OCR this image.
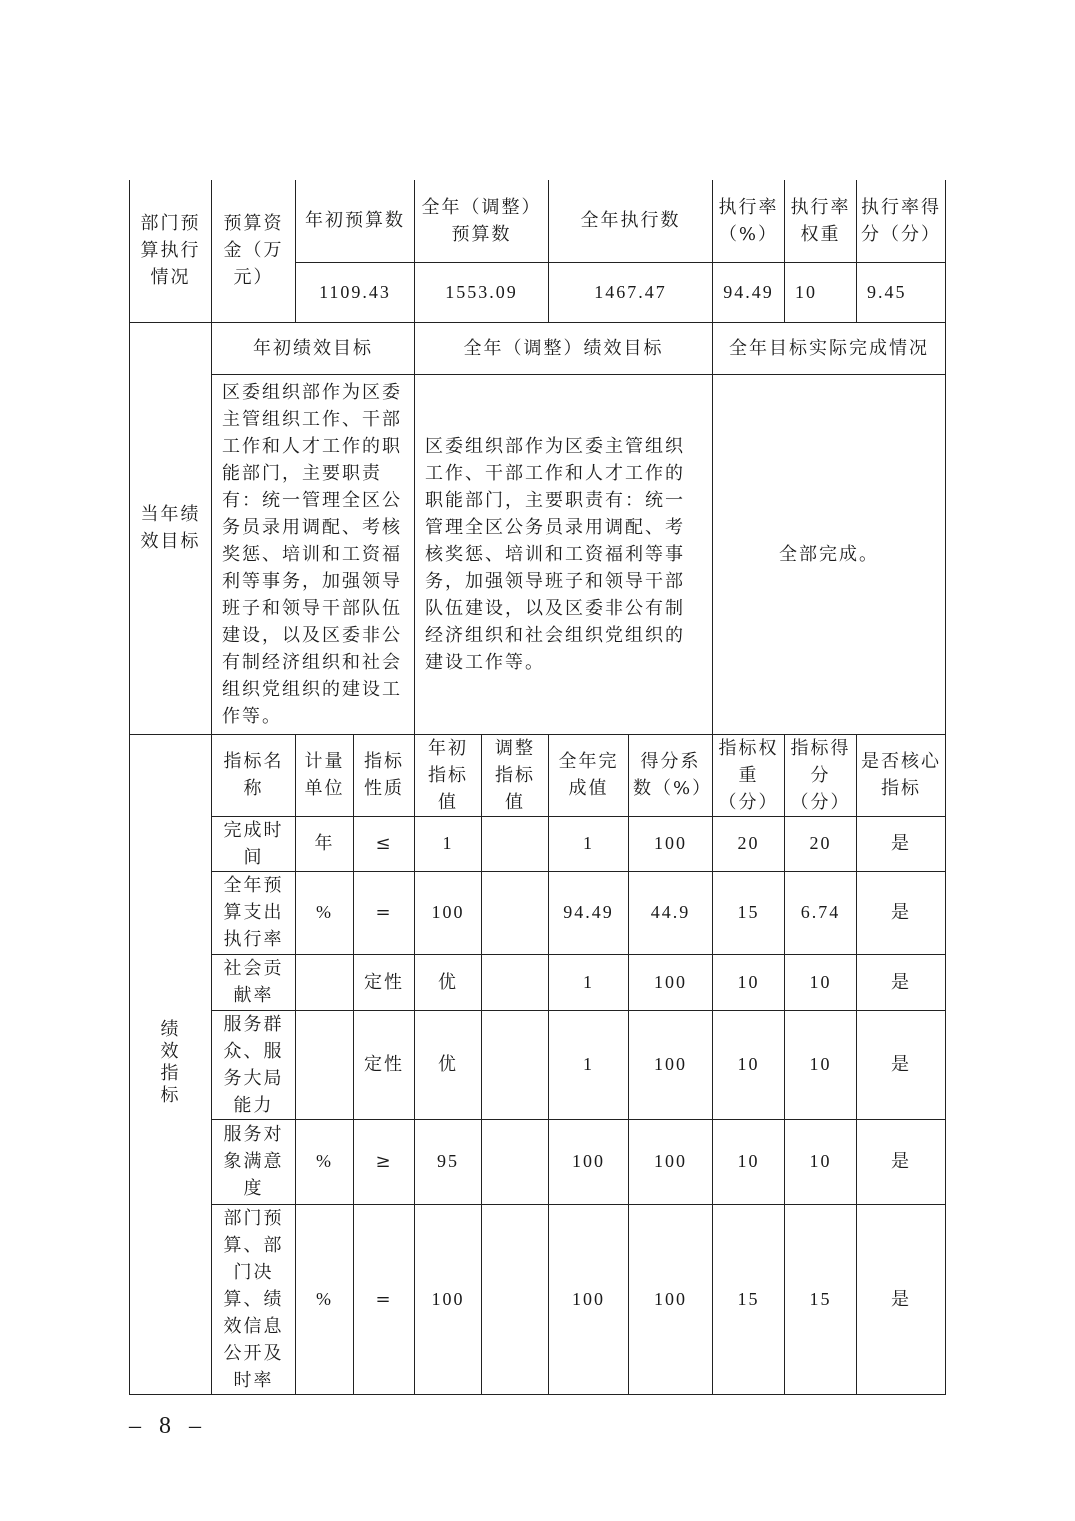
部门预算执行情况	预算资金（万元）	年初预算数		全年（调整）预算数		全年执行数		执行率（%）	执行率权重	执行率得分（分）
		1109.43		1553.09		1467.47		94.49	10	9.45
当年绩效目标	年初绩效目标			全年（调整）绩效目标				全年目标实际完成情况		
	区委组织部作为区委主管组织工作、干部工作和人才工作的职能部门，主要职责有：统一管理全区公务员录用调配、考核奖惩、培训和工资福利等事务，加强领导班子和领导干部队伍建设，以及区委非公有制经济组织和社会组织党组织的建设工作等。			区委组织部作为区委主管组织工作、干部工作和人才工作的职能部门，主要职责有：统一管理全区公务员录用调配、考核奖惩、培训和工资福利等事务，加强领导班子和领导干部队伍建设，以及区委非公有制经济组织和社会组织党组织的建设工作等。				全部完成。		
绩效指标	指标名称	计量单位	指标性质	年初指标值	调整指标值	全年完成值	得分系数（%）	指标权重（分）	指标得分（分）	是否核心指标
	完成时间	年	≤	1		1	100	20	20	是
	全年预算支出执行率	%	=	100		94.49	44.9	15	6.74	是
	社会贡献率		定性	优		1	100	10	10	是
	服务群众、服务大局能力		定性	优		1	100	10	10	是
	服务对象满意度	%	≥	95		100	100	10	10	是
	部门预算、部门决算、绩效信息公开及时率	%	=	100		100	100	15	15	是
– 8 –
